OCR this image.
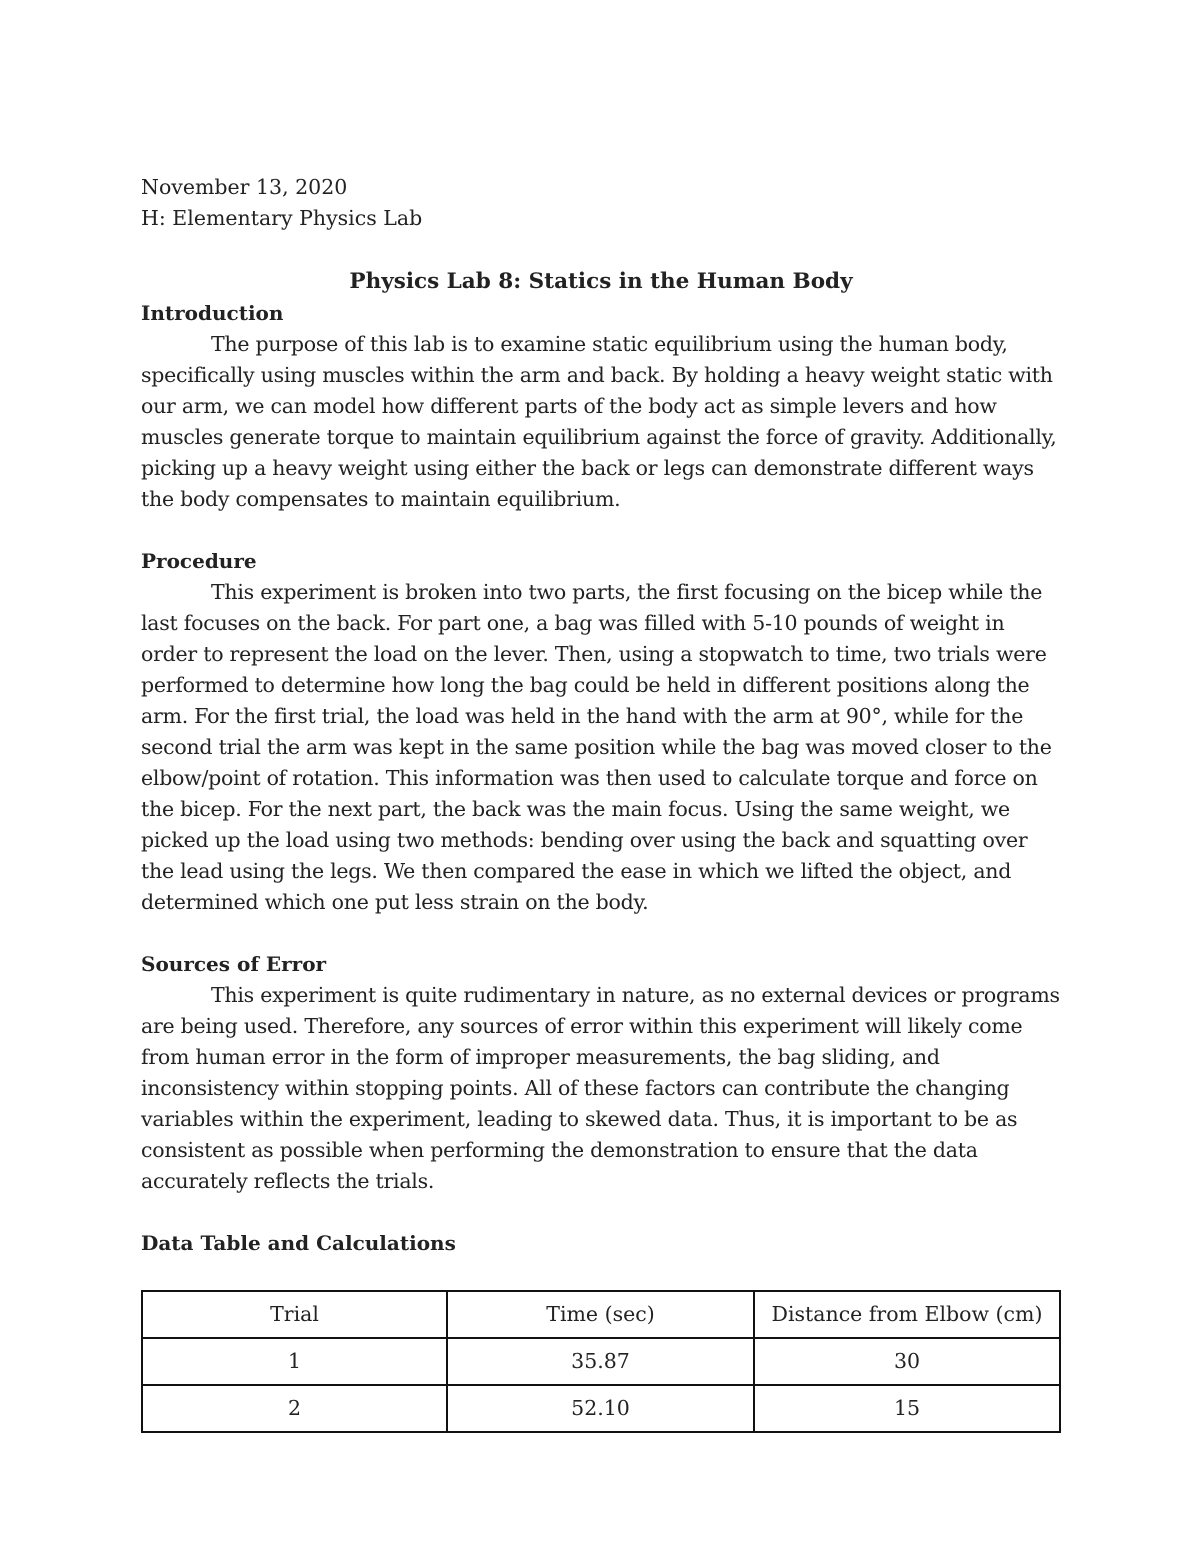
November 13, 2020
H: Elementary Physics Lab
Physics Lab 8: Statics in the Human Body
Introduction

The purpose of this lab is to examine static equilibrium using the human body, specifically using muscles within the arm and back. By holding a heavy weight static with our arm, we can model how different parts of the body act as simple levers and how muscles generate torque to maintain equilibrium against the force of gravity. Additionally, picking up a heavy weight using either the back or legs can demonstrate different ways the body compensates to maintain equilibrium.

Procedure

This experiment is broken into two parts, the first focusing on the bicep while the last focuses on the back. For part one, a bag was filled with 5-10 pounds of weight in order to represent the load on the lever. Then, using a stopwatch to time, two trials were performed to determine how long the bag could be held in different positions along the arm. For the first trial, the load was held in the hand with the arm at 90°, while for the second trial the arm was kept in the same position while the bag was moved closer to the elbow/point of rotation. This information was then used to calculate torque and force on the bicep. For the next part, the back was the main focus. Using the same weight, we picked up the load using two methods: bending over using the back and squatting over the lead using the legs. We then compared the ease in which we lifted the object, and determined which one put less strain on the body.

Sources of Error

This experiment is quite rudimentary in nature, as no external devices or programs are being used. Therefore, any sources of error within this experiment will likely come from human error in the form of improper measurements, the bag sliding, and inconsistency within stopping points. All of these factors can contribute the changing variables within the experiment, leading to skewed data. Thus, it is important to be as consistent as possible when performing the demonstration to ensure that the data accurately reflects the trials.

Data Table and Calculations
Trial	Time (sec)	Distance from Elbow (cm)
1	35.87	30
2	52.10	15
